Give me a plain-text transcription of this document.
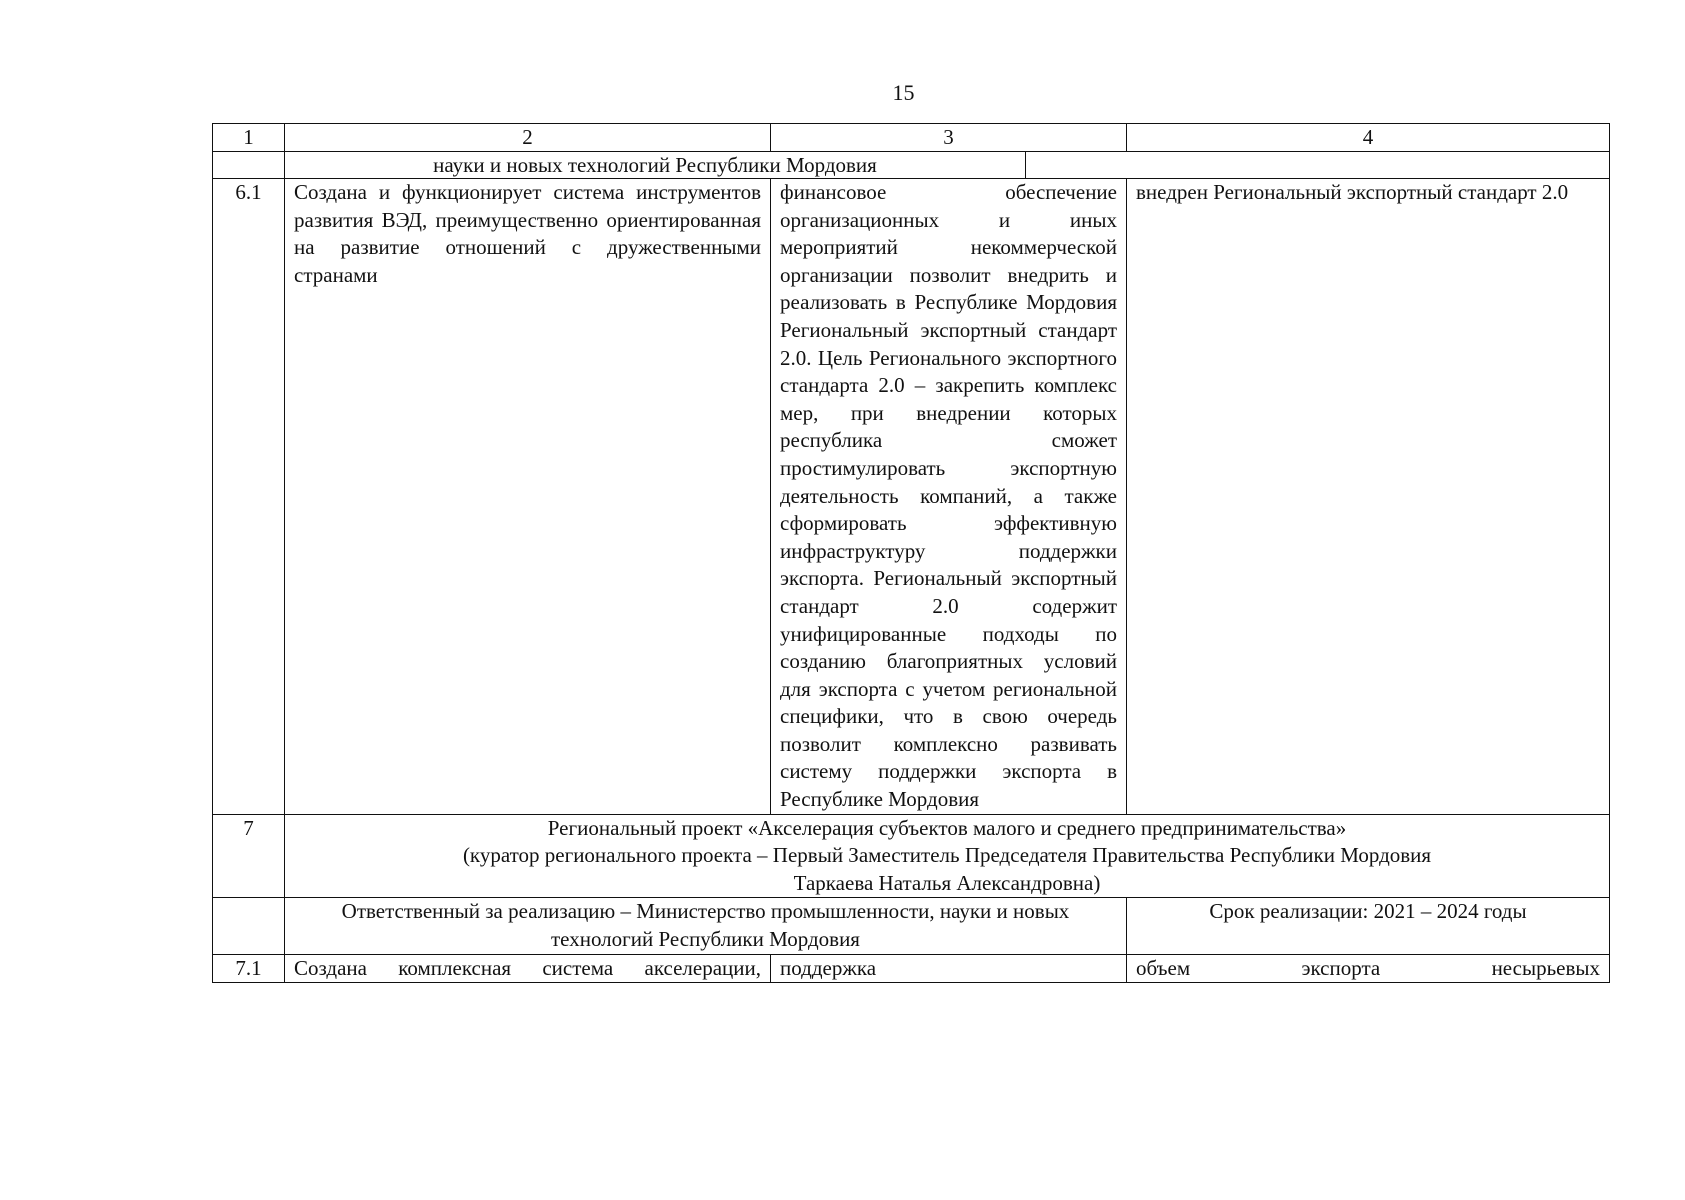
15
1	2	3	4

	науки и новых технологий Республики Мордовия		

6.1	Создана и функционирует система инструментов развития ВЭД, преимущественно ориентированная на развитие отношений с дружественными странами	финансовое обеспечение организационных и иных мероприятий некоммерческой организации позволит внедрить и реализовать в Республике Мордовия Региональный экспортный стандарт 2.0. Цель Регионального экспортного стандарта 2.0 – закрепить комплекс мер, при внедрении которых республика сможет простимулировать экспортную деятельность компаний, а также сформировать эффективную инфраструктуру поддержки экспорта. Региональный экспортный стандарт 2.0 содержит унифицированные подходы по созданию благоприятных условий для экспорта с учетом региональной специфики, что в свою очередь позволит комплексно развивать систему поддержки экспорта в Республике Мордовия	внедрен Региональный экспортный стандарт 2.0
7	Региональный проект «Акселерация субъектов малого и среднего предпринимательства»
(куратор регионального проекта – Первый Заместитель Председателя Правительства Республики Мордовия
Таркаева Наталья Александровна)		

	Ответственный за реализацию – Министерство промышленности, науки и новых технологий Республики Мордовия		Срок реализации: 2021 – 2024 годы
7.1	Создана комплексная система акселерации,	поддержка	объем экспорта несырьевых
